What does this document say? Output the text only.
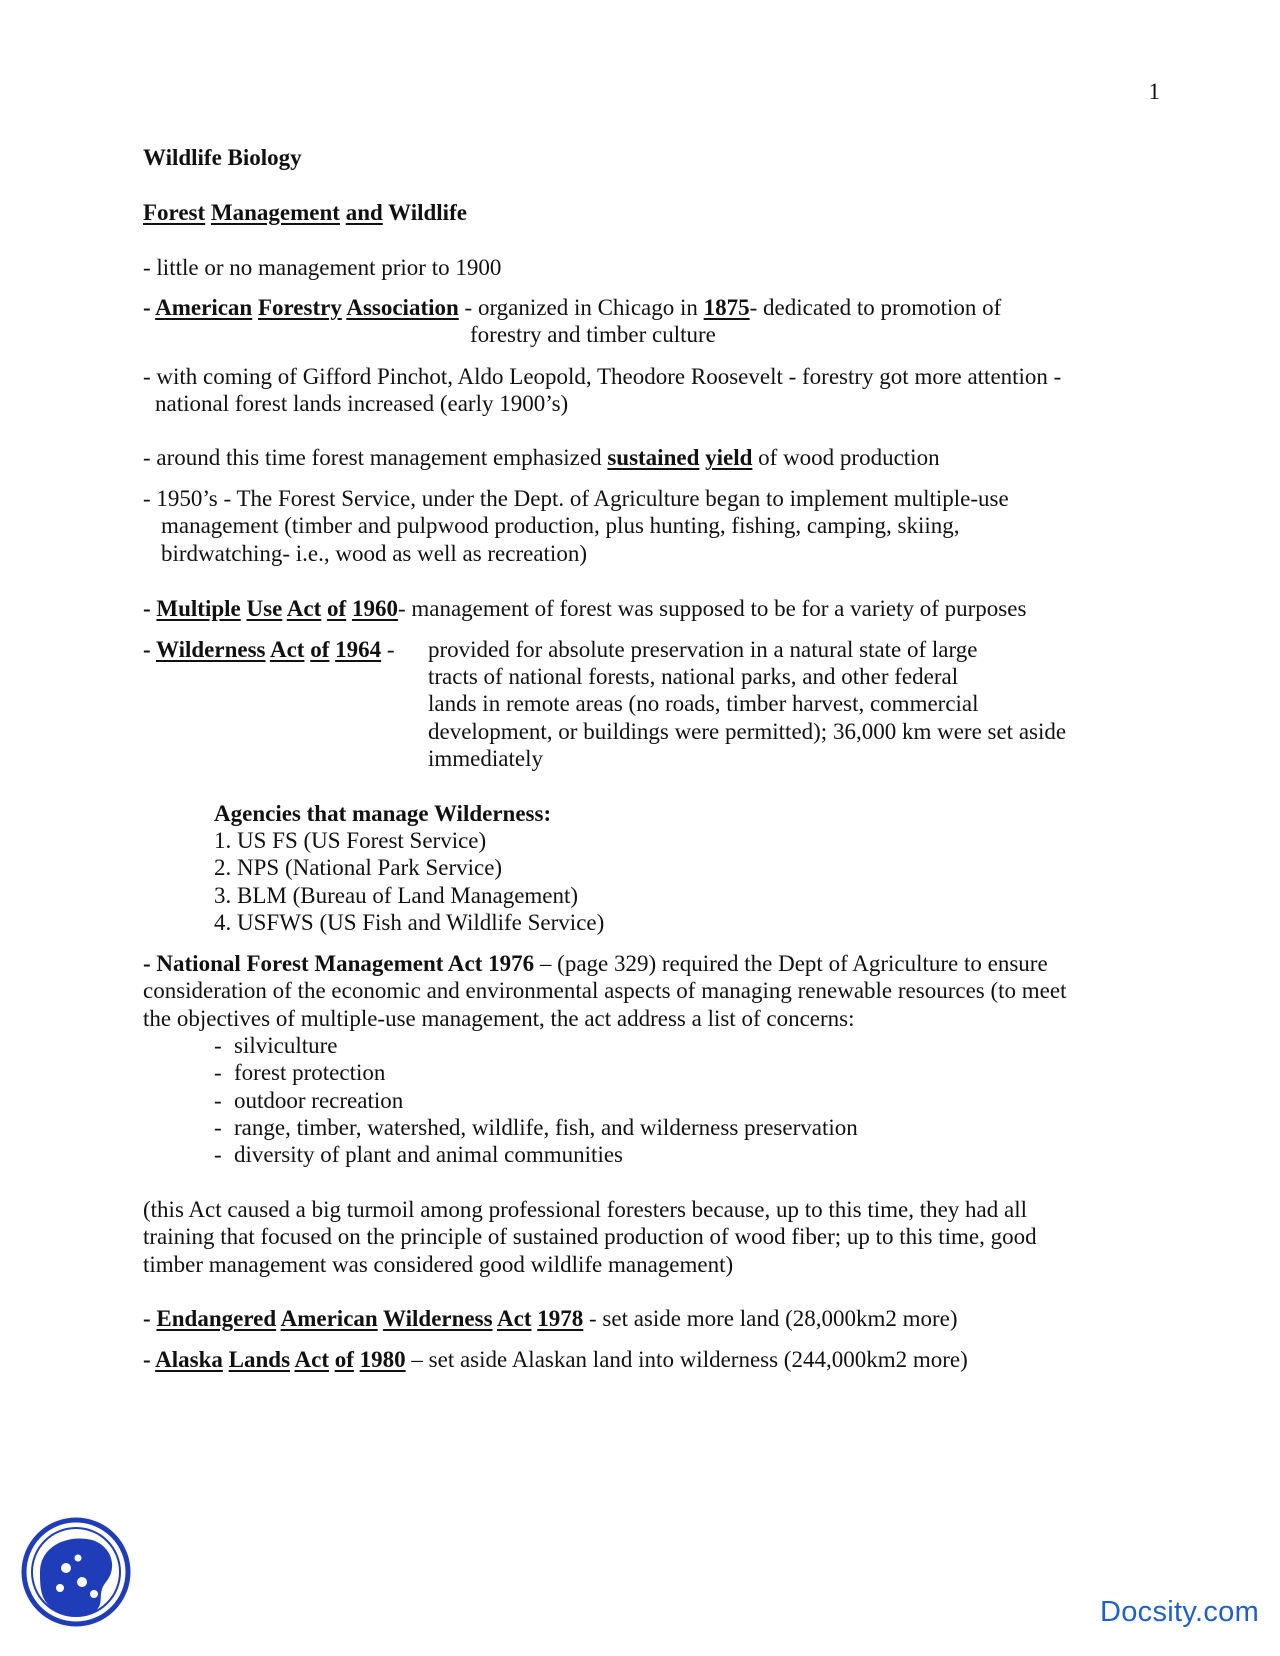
1
Wildlife Biology
Forest Management and Wildlife
- little or no management prior to 1900
- American Forestry Association - organized in Chicago in 1875- dedicated to promotion of
forestry and timber culture
- with coming of Gifford Pinchot, Aldo Leopold, Theodore Roosevelt - forestry got more attention -
national forest lands increased (early 1900’s)
- around this time forest management emphasized sustained yield of wood production
- 1950’s - The Forest Service, under the Dept. of Agriculture began to implement multiple-use
management (timber and pulpwood production, plus hunting, fishing, camping, skiing,
birdwatching- i.e., wood as well as recreation)
- Multiple Use Act of 1960- management of forest was supposed to be for a variety of purposes
- Wilderness Act of 1964 - provided for absolute preservation in a natural state of large
tracts of national forests, national parks, and other federal
lands in remote areas (no roads, timber harvest, commercial
development, or buildings were permitted); 36,000 km were set aside
immediately
Agencies that manage Wilderness:
1. US FS (US Forest Service)
2. NPS (National Park Service)
3. BLM (Bureau of Land Management)
4. USFWS (US Fish and Wildlife Service)
- National Forest Management Act 1976 – (page 329) required the Dept of Agriculture to ensure
consideration of the economic and environmental aspects of managing renewable resources (to meet
the objectives of multiple-use management, the act address a list of concerns:
- silviculture
- forest protection
- outdoor recreation
- range, timber, watershed, wildlife, fish, and wilderness preservation
- diversity of plant and animal communities
(this Act caused a big turmoil among professional foresters because, up to this time, they had all
training that focused on the principle of sustained production of wood fiber; up to this time, good
timber management was considered good wildlife management)
- Endangered American Wilderness Act 1978 - set aside more land (28,000km2 more)
- Alaska Lands Act of 1980 – set aside Alaskan land into wilderness (244,000km2 more)
Docsity.com
